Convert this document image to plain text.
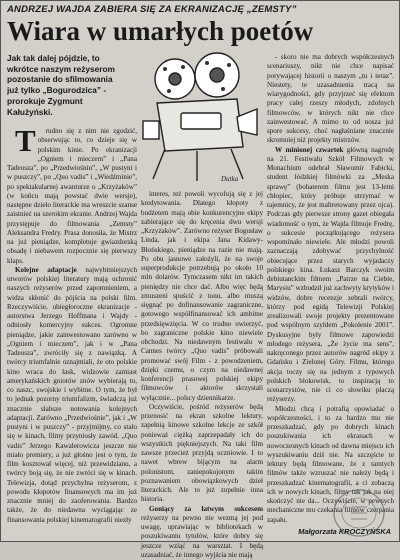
ANDRZEJ WAJDA ZABIERA SIĘ ZA EKRANIZACJĘ „ZEMSTY”
Wiara w umarłych poetów
Jak tak dalej pójdzie, to wkrótce naszym reżyserom pozostanie do sfilmowania już tylko „Bogurodzica” - prorokuje Zygmunt Kałużyński.
Dutka

T rudno się z nim nie zgodzić, obserwując to, co dzieje się w polskim kinie. Po ekranizacji „Ogniem i mieczem” i „Pana Tadeusza”, po „Przedwiośniu”, „W pustyni i w puszczy”, po „Quo vadis” i „Wiedźminie”, po spektakularnej awanturze o „Krzyżaków” (w końcu mają powstać dwie wersje), następne dzieło literackie ma wreszcie szanse zaistnieć na szerokim ekranie. Andrzej Wajda przystępuje do filmowania „Zemsty” Aleksandra Fredry. Prasa donosiła, że Mistrz na już pieniądze, kompletuje gwiazdorską obsadę i niebawem rozpocznie się pierwszy klaps.

Kolejne adaptacje najwybitniejszych utworów polskiej literatury mają uchronić naszych reżyserów przed zapomnieniem, a widza skłonić do pójścia na polski film. Rzeczywiście, ubiegłoroczne ekranizacje - autorstwa Jerzego Hoffmana i Wajdy - odniosły komercyjny sukces. Ogromne pieniądze, jakie zainwestowano zarówno w „Ogniem i mieczem”, jak i w „Pana Tadeusza”, zwróciły się z nawiązką. A twórcy triumfalnie oznajmiali, że oto polskie kino wraca do łask, widzowie zamiast amerykańskich gniotów znów wybierają to, co naszc, swojskie i wybitne. O tym, że był to jednak pozorny triumfalizm, świadczą już znacznie słabsze notowania kolejnych adaptacji. Zarówno „Przedwiośnie”, jak i „W pustyni i w puszczy” - przyjmijmy, co stało się w kinach, filmy przyniosły zawód. „Quo vadis” Jerzego Kawalerowicza jeszcze nie miało premiery, a już głośno jest o tym, że film kosztował więcej, niż przewidziano, a twórcy boją się, że nie zwróci się w kinach. Telewizja, dotąd przychylna reżyserom, z powodu kłopotów finansowych ma im już znacznie mniej do zaoferowania. Bardzo także, że do niedawna wyciągając ze finansowania polskiej kinematografii niezły

interes, też powoli wycofują się z jej kredytowania. Dlatego kłopoty z budżetem mają obie konkurencyjne ekipy zabierające się do kręcenia dwu wersji „Krzyżaków”. Zarówno reżyser Bogusław Linda, jak i ekipa Jana Kidawy-Błońskiego, pieniądze na razie nie mają. Po obu jasnowe założyli, że na swoje superprodukcje potrzebują po około 10 mln dolarów. Tymczasem nikt im takich pieniędzy nie chce dać. Albo więc będą zmuszeni spuścić z tonu, albo muszą sięgnąć po dofinansowanie zagraniczne, gotowego współfinansować ich ambitne przedsięwzięcia. W co trudno uwierzyć, bo zagraniczne polskie kino niewiele obchodzi. Na niedawnym festiwalu w Cannes twórcy „Quo vadis” próbowali promować swój Film - z powodzeniem, dzięki czemu, o czym na niedawnej konferencji prasowej polskiej ekipy filmowców i aktorów skrzystali wyłącznie... polscy dziennikarze.

Oczywiście, pośród reżyserów będą przenosić na ekran szkolne lektury, zapełnią kinowe szkolne lekcje ze szkół ponieważ ciężką zaprzepadały ich do wszystkich piękniejszych. Na taki film zawsze przecież przyjdą uczniowie. I to nawet wbrew bijącym na alarm polonistom, zaniepokojonym takim poznawaniem obowiązkowych dzieł literackich. Ale to już zupełnie inna historia.

Goniący za łatwym sukcesem reżyserzy na pewno nie wezmą jej pod uwagę, uprawiając w bibliotekach w poszukiwaniu tytułów, które dobry się jeszcze wziąć na warsztat. I będą uzasadniać, że innego wyjścia nie mają

- skoro nie ma dobrych współczesnych scenariuszy, nikt nie chce napisać porywającej historii o naszym „tu i teraz”. Niestety, te uzasadnienia tracą na wiarygodności, gdy przyjrzeć się efektom pracy całej rzeszy młodych, zdolnych filmowców, w których nikt nie chce zainwestować. A mimo to od nosza już spore sukcesy, choć nagłaśniane znacznie skromniej niż projekty mistrzów.

W minionej czwartek główną nagrodę na 21. Festiwalu Szkół Filmowych w Monachium odebrał Sławomir Fabicki, student łódzkiej filmówki za „Meska sprawę” (bohaterem filmu jest 13-letni chłopiec, który próbuje utrzymać w tajemnicy, że jest maltretowany przez ojca). Podczas gdy pierwsze strony gazet obiegała wiadomość o tym, że Wajda filmuje Fredrę, o sukcesie początkującego reżysera wspominało niewiele. Ale młodzi powoli zaznaczają zdobywać przychylność obiecujące przez starych wyjadaczy polskiego kina. Łukasz Barczyk swoim debiutanckim filmem „Patrze na Ciebie, Marysiu” wzbudził już zachwyty krytyków i widzów, dobre recenzje zebrali twórcy, którzy pod egidą Telewizji Polskiej zrealizowali swoje projekty prezentowane pod wspólnym szyldem „Pokolenie 2001”. Dyskusyjne były filmowe zapowiedzi młodego reżysera, „Że życie ma sens”, nakręconego przez autorów nagród ekipy z Gdańsku i Zielonej Góry. Filmu, którego akcja toczy się na jednym z typowych polskich blokowisk, to inspiracją to scenarzystów, nie ci co słowiku płaczą reżyserzy.

Młodzi chcą i potrafią opowiadać o współczesności, i to za bardzo mu nie przeszkadzać, gdy po dobrych kinach poszukiwania ich ekranach w nowoczesnych kinach od dawna miejscu ich wyszukiwaniu dziś nie. Na szczęście te lektury będą filmowane, że z tamtych filmów także wzruszać nie należy będą i przeszkadzać kinematografii, a ci zobaczą ich w nowych kinach, filmy tak jak na niej skończyć nie da... Oczywiście, w pewnych mechaniczne mu czekania filmów czerpania zapału.

Małgorzata KROCZYŃSKA
